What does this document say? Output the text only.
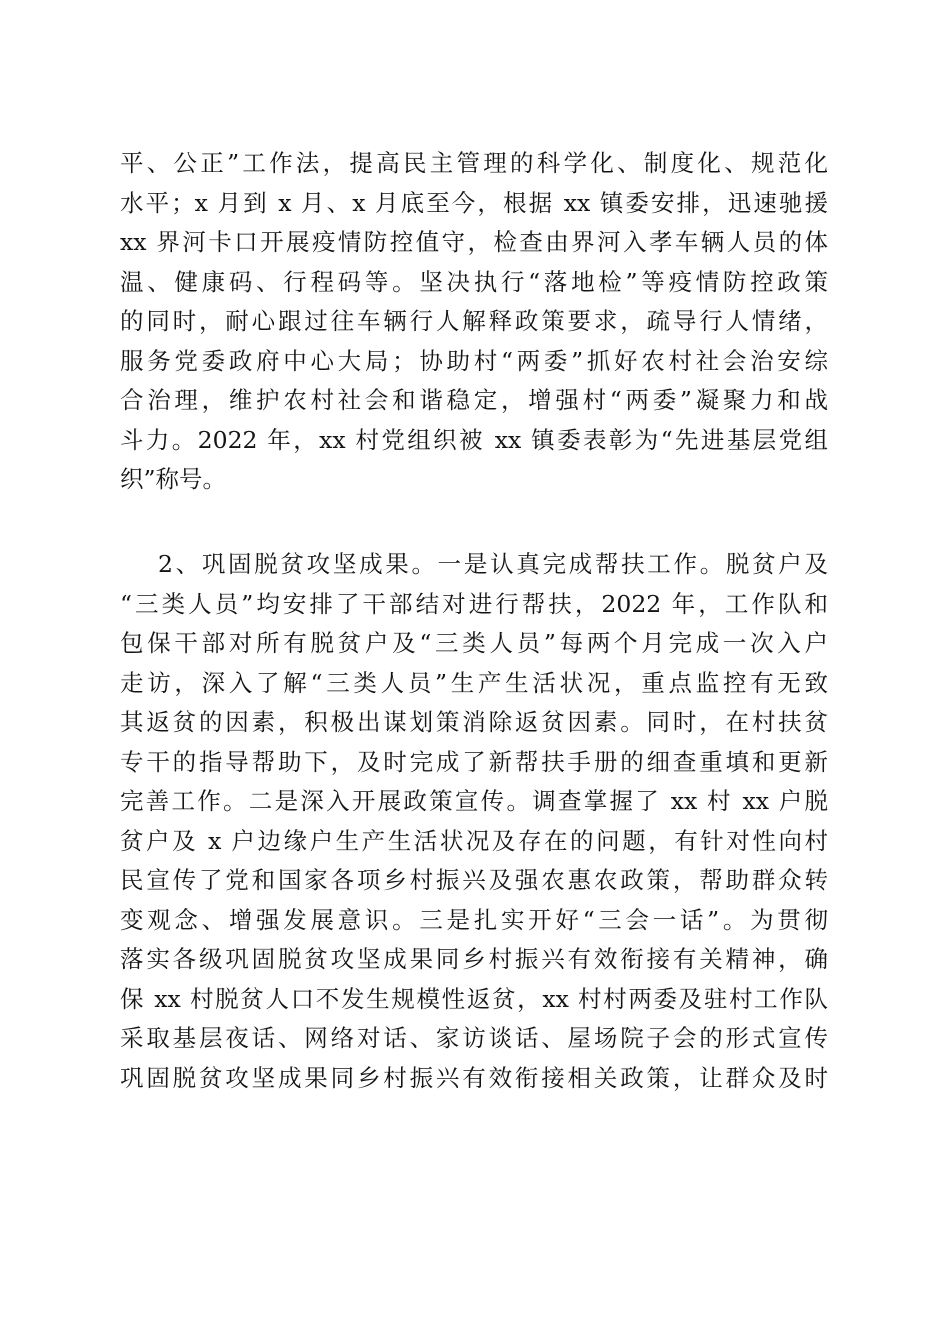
平、公正”工作法，提高民主管理的科学化、制度化、规范化
水平；x 月到 x 月、x 月底至今，根据 xx 镇委安排，迅速驰援
xx 界河卡口开展疫情防控值守，检查由界河入孝车辆人员的体
温、健康码、行程码等。坚决执行“落地检”等疫情防控政策
的同时，耐心跟过往车辆行人解释政策要求，疏导行人情绪，
服务党委政府中心大局；协助村“两委”抓好农村社会治安综
合治理，维护农村社会和谐稳定，增强村“两委”凝聚力和战
斗力。2022 年，xx 村党组织被 xx 镇委表彰为“先进基层党组
织”称号。
2、巩固脱贫攻坚成果。一是认真完成帮扶工作。脱贫户及
“三类人员”均安排了干部结对进行帮扶，2022 年，工作队和
包保干部对所有脱贫户及“三类人员”每两个月完成一次入户
走访，深入了解“三类人员”生产生活状况，重点监控有无致
其返贫的因素，积极出谋划策消除返贫因素。同时，在村扶贫
专干的指导帮助下，及时完成了新帮扶手册的细查重填和更新
完善工作。二是深入开展政策宣传。调查掌握了 xx 村 xx 户脱
贫户及 x 户边缘户生产生活状况及存在的问题，有针对性向村
民宣传了党和国家各项乡村振兴及强农惠农政策，帮助群众转
变观念、增强发展意识。三是扎实开好“三会一话”。为贯彻
落实各级巩固脱贫攻坚成果同乡村振兴有效衔接有关精神，确
保 xx 村脱贫人口不发生规模性返贫，xx 村村两委及驻村工作队
采取基层夜话、网络对话、家访谈话、屋场院子会的形式宣传
巩固脱贫攻坚成果同乡村振兴有效衔接相关政策，让群众及时
